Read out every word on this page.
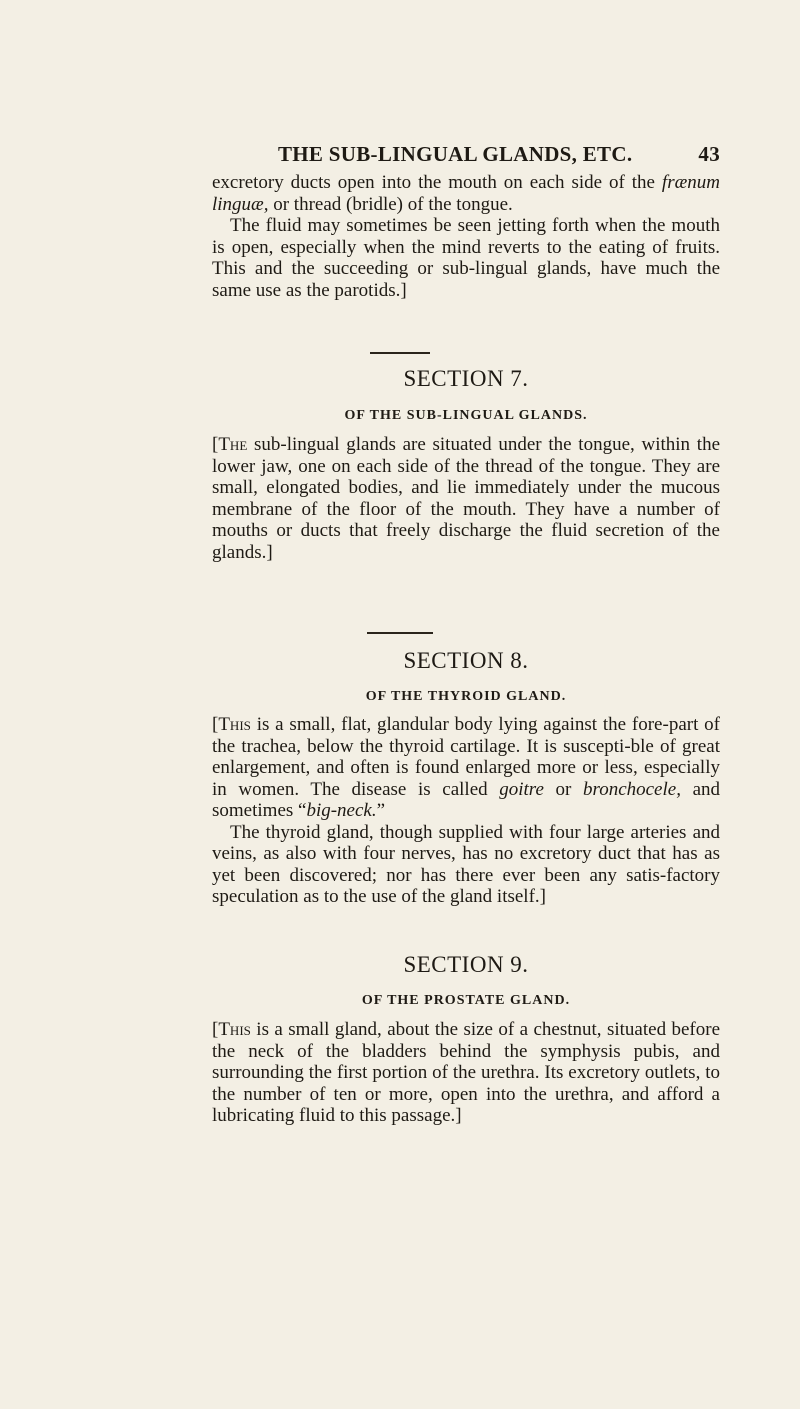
THE SUB-LINGUAL GLANDS, ETC.	43

excretory ducts open into the mouth on each side of the frænum linguæ, or thread (bridle) of the tongue.

The fluid may sometimes be seen jetting forth when the mouth is open, especially when the mind reverts to the eating of fruits. This and the succeeding or sub-lingual glands, have much the same use as the parotids.]

SECTION 7.
OF THE SUB-LINGUAL GLANDS.

[The sub-lingual glands are situated under the tongue, within the lower jaw, one on each side of the thread of the tongue. They are small, elongated bodies, and lie immediately under the mucous membrane of the floor of the mouth. They have a number of mouths or ducts that freely discharge the fluid secretion of the glands.]

SECTION 8.
OF THE THYROID GLAND.

[This is a small, flat, glandular body lying against the fore-part of the trachea, below the thyroid cartilage. It is suscepti-ble of great enlargement, and often is found enlarged more or less, especially in women. The disease is called goitre or bronchocele, and sometimes “big-neck.”

The thyroid gland, though supplied with four large arteries and veins, as also with four nerves, has no excretory duct that has as yet been discovered; nor has there ever been any satis-factory speculation as to the use of the gland itself.]

SECTION 9.
OF THE PROSTATE GLAND.

[This is a small gland, about the size of a chestnut, situated before the neck of the bladders behind the symphysis pubis, and surrounding the first portion of the urethra. Its excretory outlets, to the number of ten or more, open into the urethra, and afford a lubricating fluid to this passage.]
